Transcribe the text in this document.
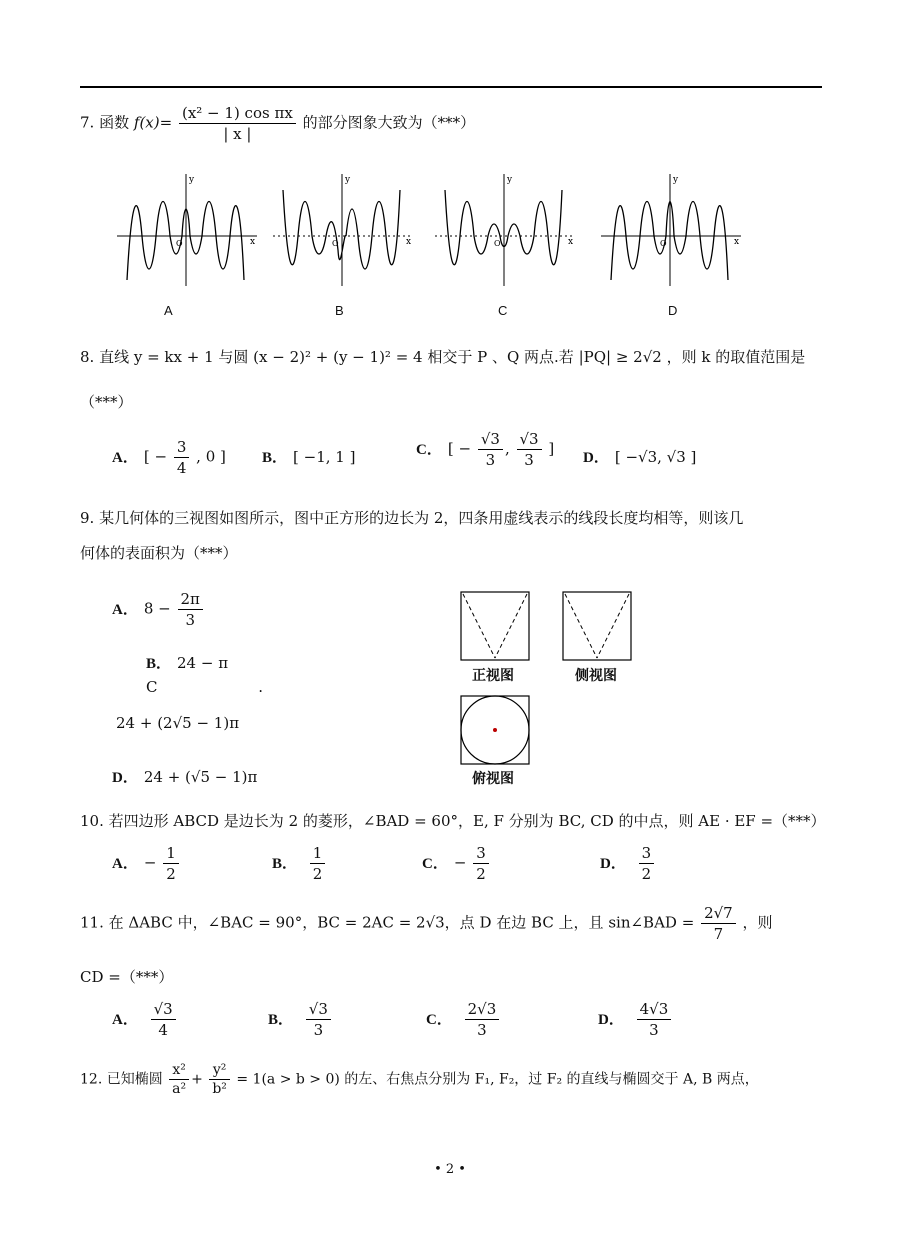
7. 函数 $f(x)= \frac{\text{(x² − 1) cos πx}}{| x |}$ 的部分图象大致为（***）
y
x
O
y
x
O
y
x
O
y
x
O
A	B	C	D
8. 直线 y = kx + 1 与圆 (x − 2)² + (y − 1)² = 4 相交于 P 、Q 两点.若 |PQ| ≥ 2√2 ，则 k 的取值范围是
（***）
A． [ − $\frac{3}{4}$ , 0 ] B． [ −1, 1 ]	C． [ − $\frac{√3}{3}$ , $\frac{√3}{3}$ ]
D． [ −√3, √3 ]
9. 某几何体的三视图如图所示，图中正方形的边长为 2，四条用虚线表示的线段长度均相等，则该几
何体的表面积为（***）
A． $8 - \frac{2\pi}{3}$
B． 24 − π
C	.
24 + (2√5 − 1)π
D． 24 + (√5 − 1)π
正视图	侧视图
俯视图
10. 若四边形 ABCD 是边长为 2 的菱形，∠BAD = 60°，E, F 分别为 BC, CD 的中点，则 AE · EF =（***）
A． − $\frac{1}{2}$	B． $\frac{1}{2}$	C． − $\frac{3}{2}$	D． $\frac{3}{2}$
11. 在 ΔABC 中，∠BAC = 90°，BC = 2AC = 2√3，点 D 在边 BC 上，且 sin∠BAD = $\frac{2√7}{7}$ ，则
CD =（***）
A． $\frac{√3}{4}$	B． $\frac{√3}{3}$	C． $\frac{2√3}{3}$	D． $\frac{4√3}{3}$
12. 已知椭圆 $\frac{\text{x²}}{\text{a²}} + \frac{\text{y²}}{\text{b²}} = 1(a > b > 0)$ 的左、右焦点分别为 F₁, F₂，过 F₂ 的直线与椭圆交于 A, B 两点，
• 2 •
